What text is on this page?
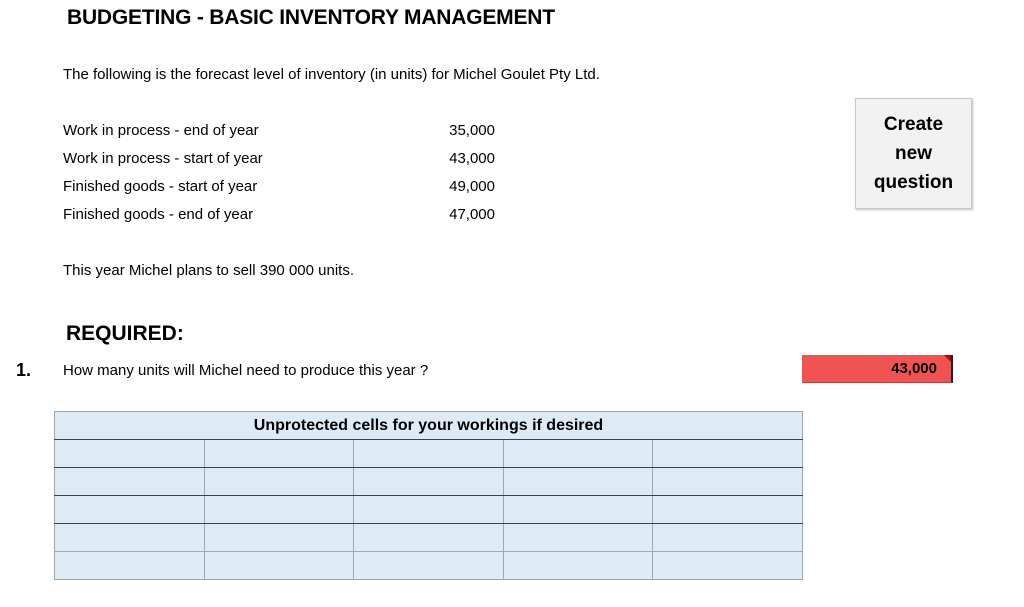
BUDGETING - BASIC INVENTORY MANAGEMENT
The following is the forecast level of inventory (in units) for Michel Goulet Pty Ltd.
Work in process - end of year	35,000
Work in process - start of year	43,000
Finished goods - start of year	49,000
Finished goods - end of year	47,000
Create
new
question
This year Michel plans to sell 390 000 units.
REQUIRED:
1. How many units will Michel need to produce this year ?	43,000
Unprotected cells for your workings if desired				
